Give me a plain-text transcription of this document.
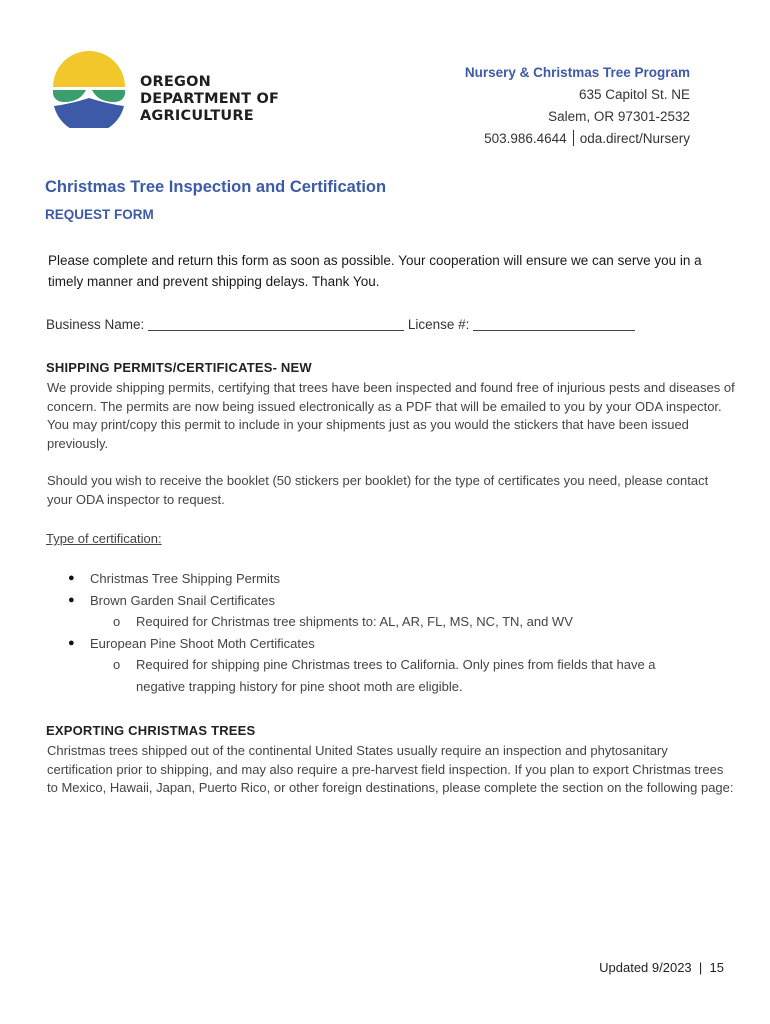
OREGON
DEPARTMENT OF
AGRICULTURE
Nursery & Christmas Tree Program
635 Capitol St. NE
Salem, OR 97301-2532
503.986.4644 oda.direct/Nursery
Christmas Tree Inspection and Certification
REQUEST FORM
Please complete and return this form as soon as possible. Your cooperation will ensure we can serve you in a timely manner and prevent shipping delays. Thank You.
Business Name:	License #:
SHIPPING PERMITS/CERTIFICATES- NEW
We provide shipping permits, certifying that trees have been inspected and found free of injurious pests and diseases of concern. The permits are now being issued electronically as a PDF that will be emailed to you by your ODA inspector. You may print/copy this permit to include in your shipments just as you would the stickers that have been issued previously.
Should you wish to receive the booklet (50 stickers per booklet) for the type of certificates you need, please contact your ODA inspector to request.
Type of certification:
● Christmas Tree Shipping Permits
● Brown Garden Snail Certificates
o Required for Christmas tree shipments to: AL, AR, FL, MS, NC, TN, and WV
● European Pine Shoot Moth Certificates
o Required for shipping pine Christmas trees to California. Only pines from fields that have a
negative trapping history for pine shoot moth are eligible.
EXPORTING CHRISTMAS TREES
Christmas trees shipped out of the continental United States usually require an inspection and phytosanitary certification prior to shipping, and may also require a pre-harvest field inspection. If you plan to export Christmas trees to Mexico, Hawaii, Japan, Puerto Rico, or other foreign destinations, please complete the section on the following page:
Updated 9/2023  |  15
